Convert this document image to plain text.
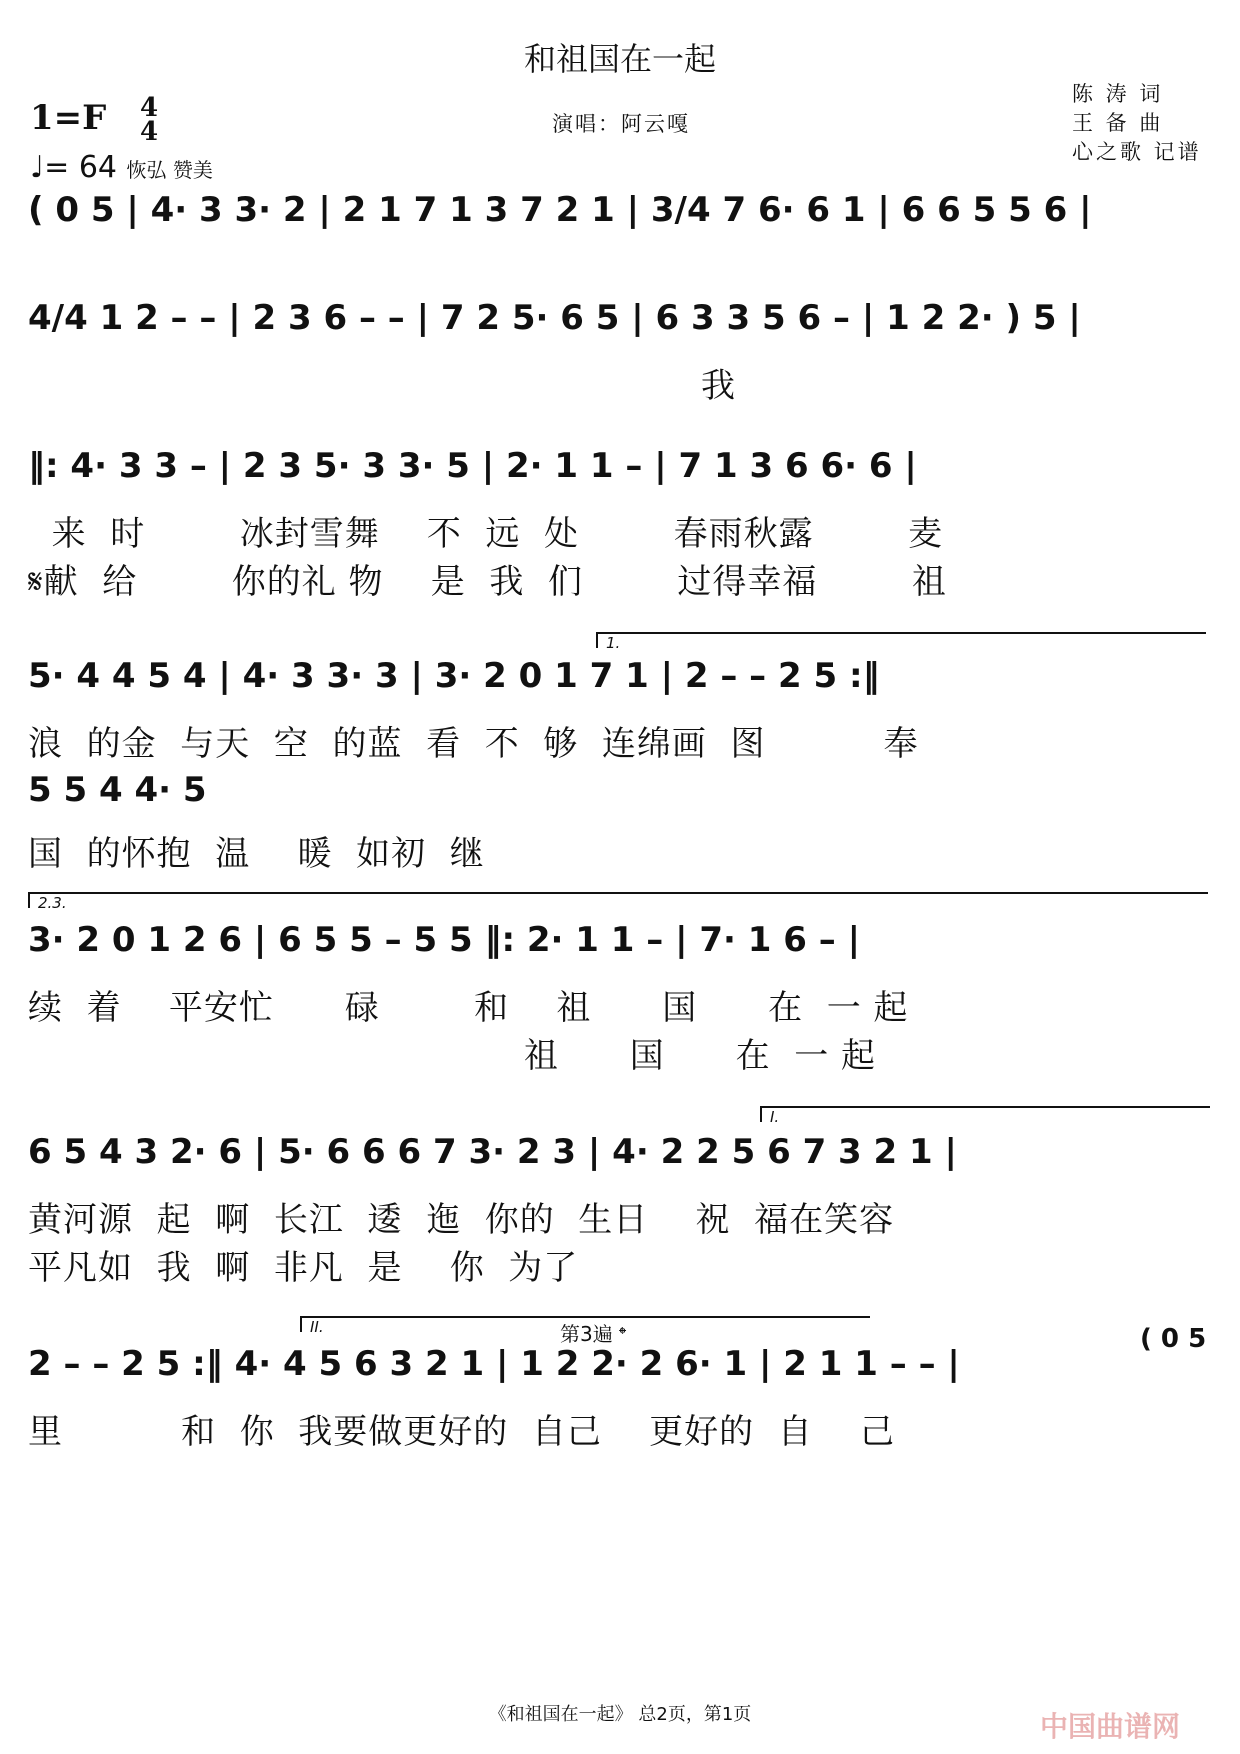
和祖国在一起
1=F 4
4
♩= 64 恢弘 赞美
演唱：阿云嘎
陈 涛 词
王 备 曲
心之歌 记谱
( 0 5 | 4· 3 3· 2 | 2 1 7 1 3 7 2 1 | 3/4 7 6· 6 1 | 6 6 5 5 6 |
4/4 1 2 – – | 2 3 6 – – | 7 2 5· 6 5 | 6 3 3 5 6 – | 1 2 2· ) 5 |
我
‖: 4· 3 3 – | 2 3 5· 3 3· 5 | 2· 1 1 – | 7 1 3 6 6· 6 |
来  时        冰封雪舞    不  远  处        春雨秋露        麦
𝄋献  给        你的礼 物    是  我  们        过得幸福        祖
1.
5· 4 4 5 4 | 4· 3 3· 3 | 3· 2 0 1 7 1 | 2 – – 2 5 :‖
浪  的金  与天  空  的蓝  看  不  够  连绵画  图          奉
5 5 4 4· 5
国  的怀抱  温    暖  如初  继
2.3.
3· 2 0 1 2 6 | 6 5 5 – 5 5 ‖: 2· 1 1 – | 7· 1 6 – |
续  着    平安忙      碌        和    祖      国      在  一 起
祖      国      在  一 起
I.
6 5 4 3 2· 6 | 5· 6 6 6 7 3· 2 3 | 4· 2 2 5 6 7 3 2 1 |
黄河源  起  啊  长江  逶  迤  你的  生日    祝  福在笑容
平凡如  我  啊  非凡  是    你  为了
II.	第3遍 𝄌	( 0 5
2 – – 2 5 :‖ 4· 4 5 6 3 2 1 | 1 2 2· 2 6· 1 | 2 1 1 – – |
里          和  你  我要做更好的  自己    更好的  自    己
《和祖国在一起》 总2页，第1页	中国曲谱网
